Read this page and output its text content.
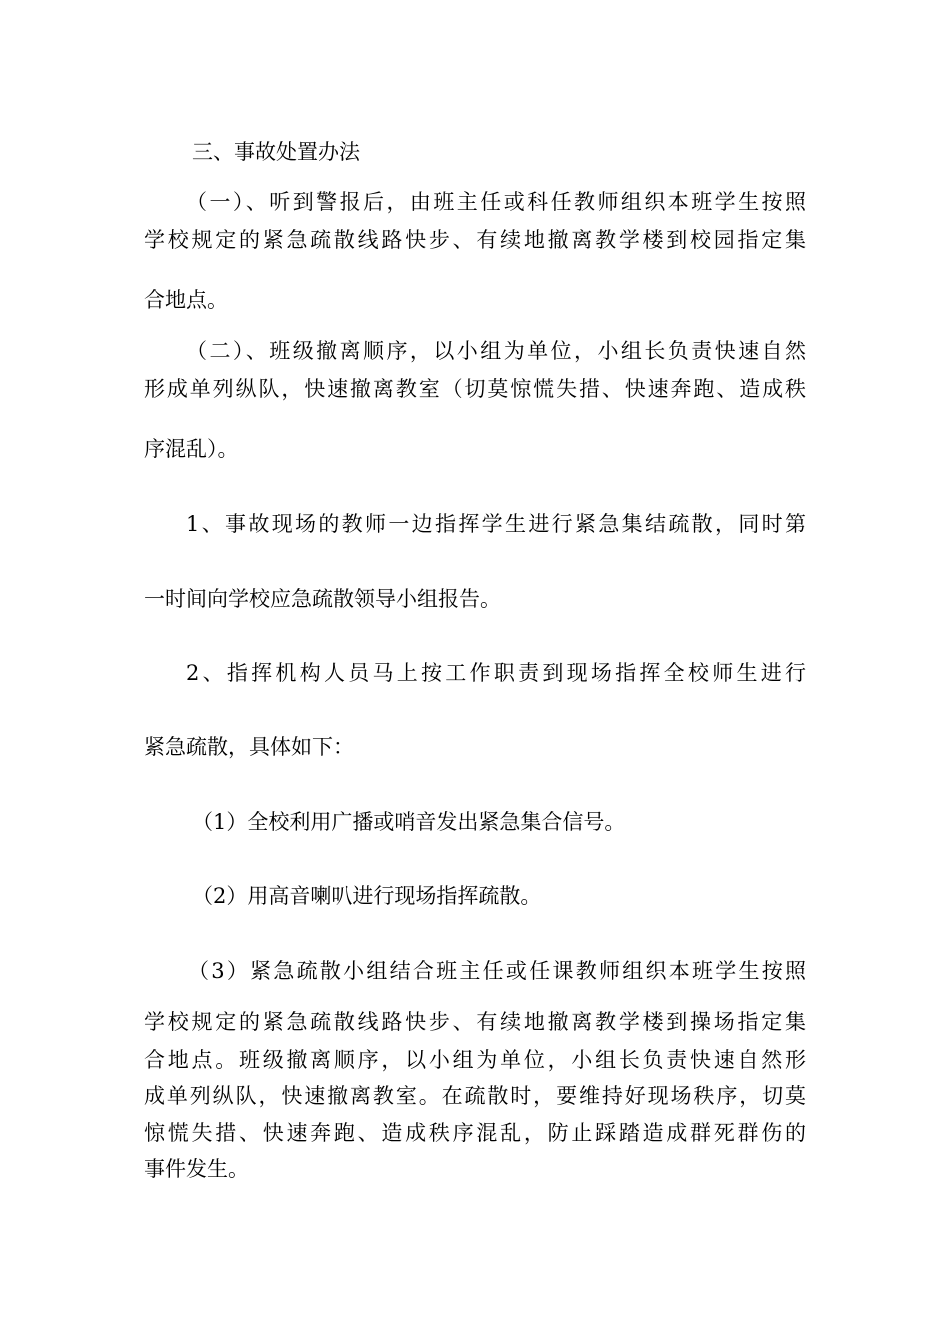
三、事故处置办法
（一）、听到警报后，由班主任或科任教师组织本班学生按照
学校规定的紧急疏散线路快步、有续地撤离教学楼到校园指定集
合地点。
（二）、班级撤离顺序，以小组为单位，小组长负责快速自然
形成单列纵队，快速撤离教室（切莫惊慌失措、快速奔跑、造成秩
序混乱）。
1、事故现场的教师一边指挥学生进行紧急集结疏散，同时第
一时间向学校应急疏散领导小组报告。
2、指挥机构人员马上按工作职责到现场指挥全校师生进行
紧急疏散，具体如下：
（1）全校利用广播或哨音发出紧急集合信号。
（2）用高音喇叭进行现场指挥疏散。
（3）紧急疏散小组结合班主任或任课教师组织本班学生按照
学校规定的紧急疏散线路快步、有续地撤离教学楼到操场指定集
合地点。班级撤离顺序，以小组为单位，小组长负责快速自然形
成单列纵队，快速撤离教室。在疏散时，要维持好现场秩序，切莫
惊慌失措、快速奔跑、造成秩序混乱，防止踩踏造成群死群伤的
事件发生。
